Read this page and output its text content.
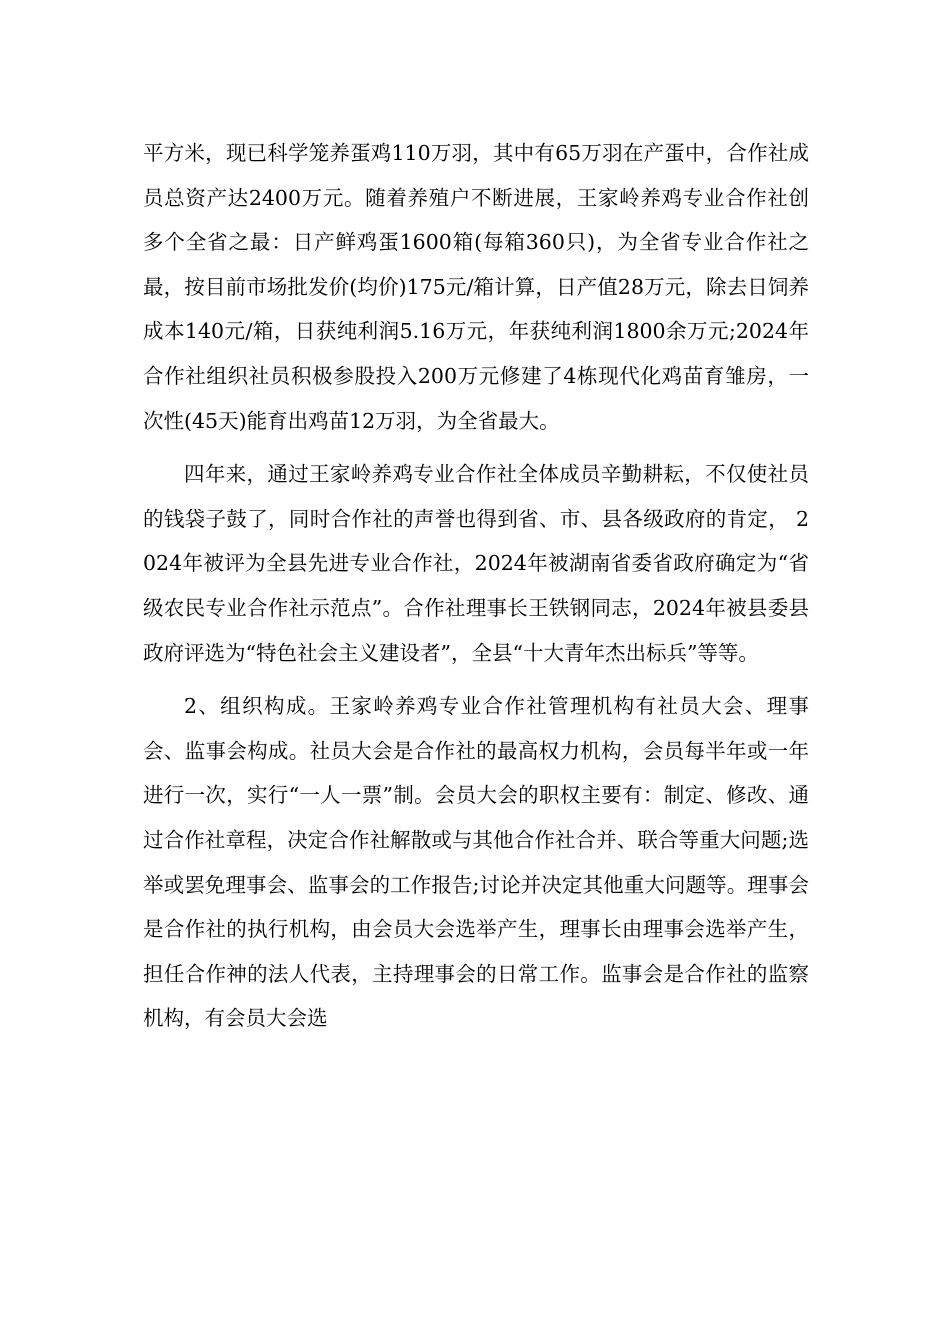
平方米，现已科学笼养蛋鸡110万羽，其中有65万羽在产蛋中，合作社成员总资产达2400万元。随着养殖户不断进展，王家岭养鸡专业合作社创多个全省之最：日产鲜鸡蛋1600箱(每箱360只)，为全省专业合作社之最，按目前市场批发价(均价)175元/箱计算，日产值28万元，除去日饲养成本140元/箱，日获纯利润5.16万元，年获纯利润1800余万元;2024年合作社组织社员积极参股投入200万元修建了4栋现代化鸡苗育雏房，一次性(45天)能育出鸡苗12万羽，为全省最大。

四年来，通过王家岭养鸡专业合作社全体成员辛勤耕耘，不仅使社员的钱袋子鼓了，同时合作社的声誉也得到省、市、县各级政府的肯定， 2024年被评为全县先进专业合作社，2024年被湖南省委省政府确定为“省级农民专业合作社示范点”。合作社理事长王铁钢同志，2024年被县委县政府评选为“特色社会主义建设者”，全县“十大青年杰出标兵”等等。

2、组织构成。王家岭养鸡专业合作社管理机构有社员大会、理事会、监事会构成。社员大会是合作社的最高权力机构，会员每半年或一年进行一次，实行“一人一票”制。会员大会的职权主要有：制定、修改、通过合作社章程，决定合作社解散或与其他合作社合并、联合等重大问题;选举或罢免理事会、监事会的工作报告;讨论并决定其他重大问题等。理事会是合作社的执行机构，由会员大会选举产生，理事长由理事会选举产生，担任合作神的法人代表，主持理事会的日常工作。监事会是合作社的监察机构，有会员大会选
